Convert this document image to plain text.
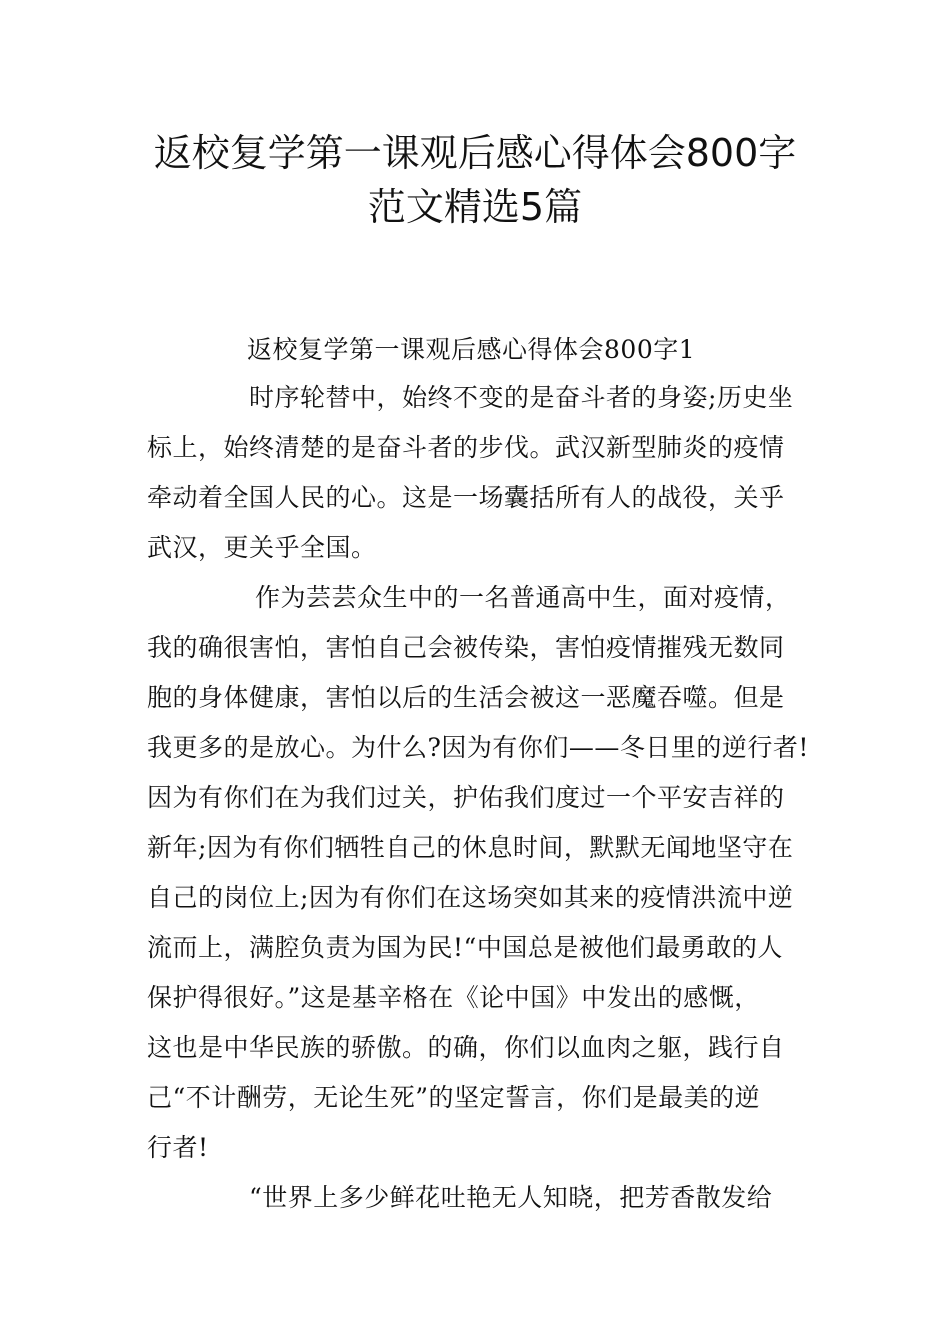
返校复学第一课观后感心得体会800字
范文精选5篇
返校复学第一课观后感心得体会800字1
时序轮替中，始终不变的是奋斗者的身姿;历史坐
标上，始终清楚的是奋斗者的步伐。武汉新型肺炎的疫情
牵动着全国人民的心。这是一场囊括所有人的战役，关乎
武汉，更关乎全国。
作为芸芸众生中的一名普通高中生，面对疫情，
我的确很害怕，害怕自己会被传染，害怕疫情摧残无数同
胞的身体健康，害怕以后的生活会被这一恶魔吞噬。但是
我更多的是放心。为什么?因为有你们——冬日里的逆行者!
因为有你们在为我们过关，护佑我们度过一个平安吉祥的
新年;因为有你们牺牲自己的休息时间，默默无闻地坚守在
自己的岗位上;因为有你们在这场突如其来的疫情洪流中逆
流而上，满腔负责为国为民!“中国总是被他们最勇敢的人
保护得很好。”这是基辛格在《论中国》中发出的感慨，
这也是中华民族的骄傲。的确，你们以血肉之躯，践行自
己“不计酬劳，无论生死”的坚定誓言，你们是最美的逆
行者!
“世界上多少鲜花吐艳无人知晓，把芳香散发给
